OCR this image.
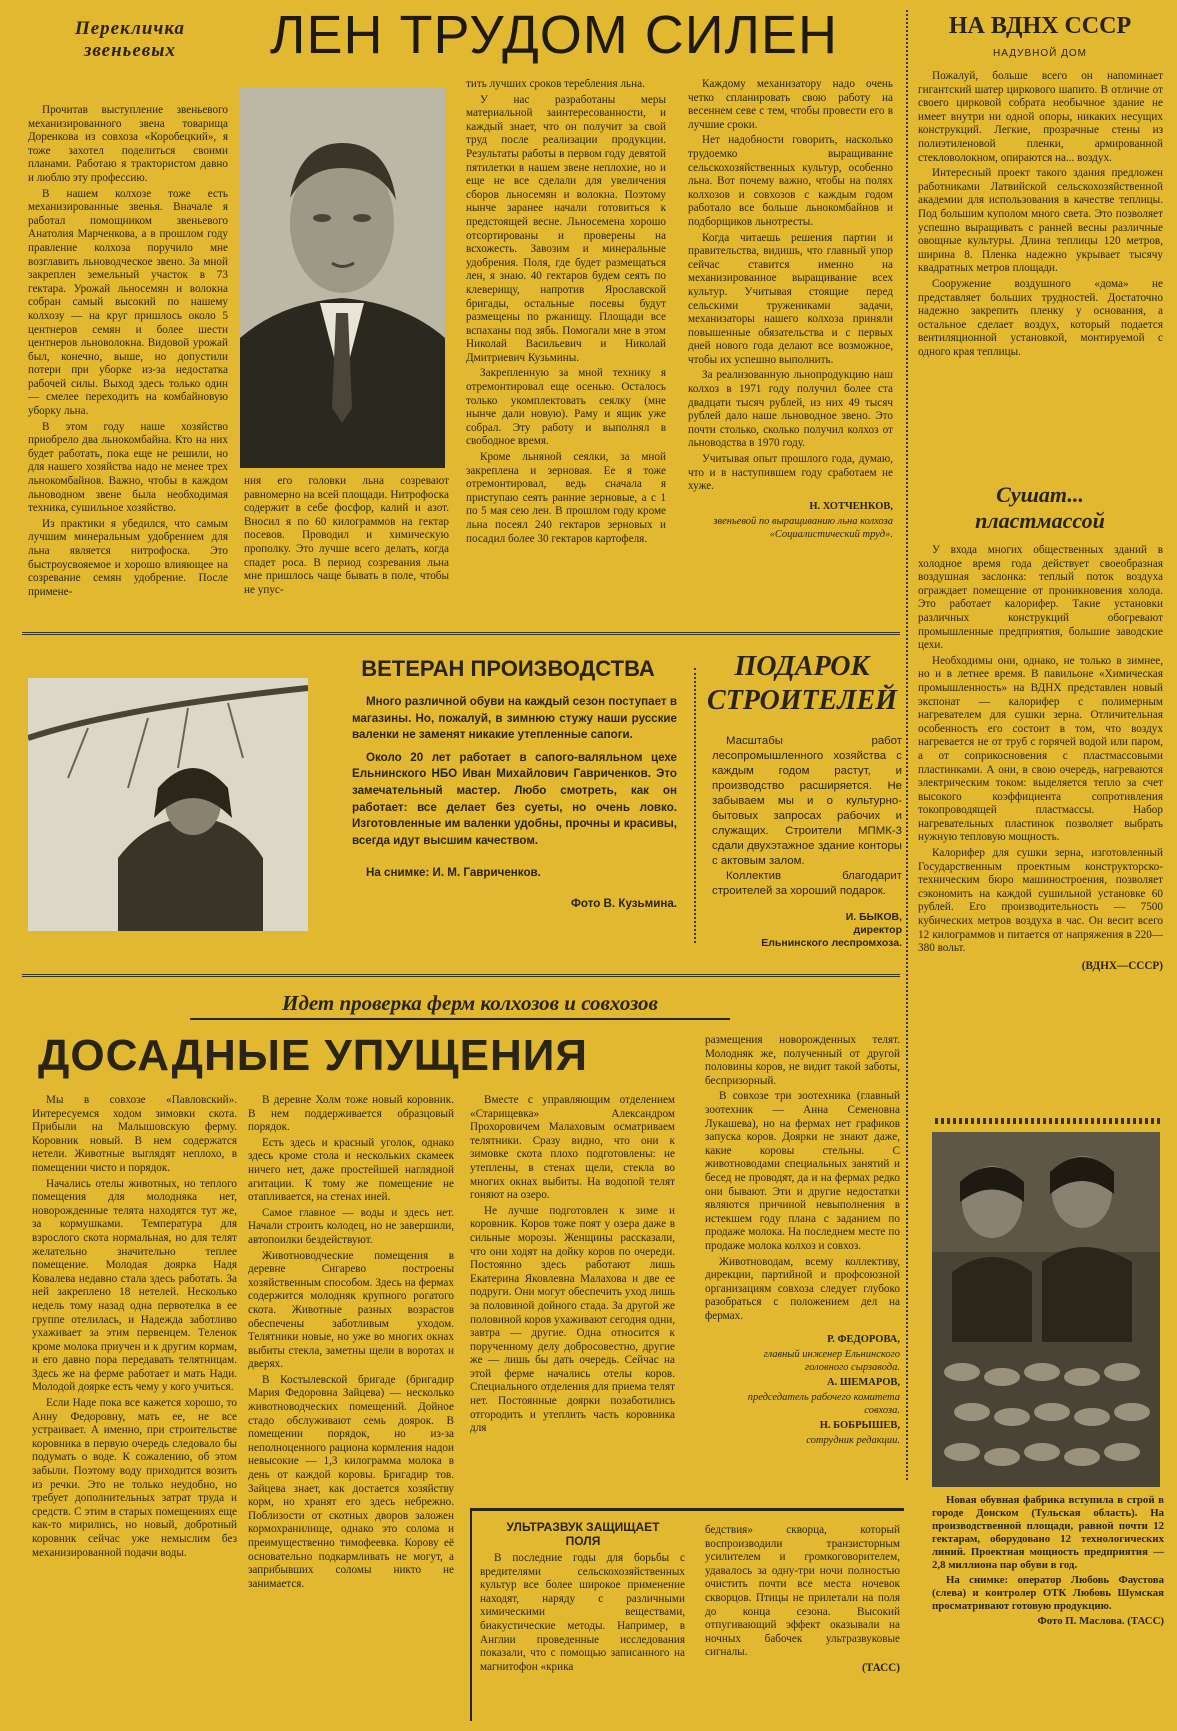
Перекличка звеньевых

Прочитав выступление звеньевого механизированного звена товарища Доренкова из совхоза «Коробецкий», я тоже захотел поделиться своими планами. Работаю я трактористом давно и люблю эту профессию.

В нашем колхозе тоже есть механизированные звенья. Вначале я работал помощником звеньевого Анатолия Марченкова, а в прошлом году правление колхоза поручило мне возглавить льноводческое звено. За мной закреплен земельный участок в 73 гектара. Урожай льносемян и волокна собран самый высокий по нашему колхозу — на круг пришлось около 5 центнеров семян и более шести центнеров льноволокна. Видовой урожай был, конечно, выше, но допустили потери при уборке из-за недостатка рабочей силы. Выход здесь только один — смелее переходить на комбайновую уборку льна.

В этом году наше хозяйство приобрело два льнокомбайна. Кто на них будет работать, пока еще не решили, но для нашего хозяйства надо не менее трех льнокомбайнов. Важно, чтобы в каждом льноводном звене была необходимая техника, сушильное хозяйство.

Из практики я убедился, что самым лучшим минеральным удобрением для льна является нитрофоска. Это быстроусвояемое и хорошо влияющее на созревание семян удобрение. После примене-

ЛЕН ТРУДОМ СИЛЕН

ния его головки льна созревают равномерно на всей площади. Нитрофоска содержит в себе фосфор, калий и азот. Вносил я по 60 килограммов на гектар посевов. Проводил и химическую прополку. Это лучше всего делать, когда спадет роса. В период созревания льна мне пришлось чаще бывать в поле, чтобы не упус-

тить лучших сроков теребления льна.

У нас разработаны меры материальной заинтересованности, и каждый знает, что он получит за свой труд после реализации продукции. Результаты работы в первом году девятой пятилетки в нашем звене неплохие, но и еще не все сделали для увеличения сборов льносемян и волокна. Поэтому нынче заранее начали готовиться к предстоящей весне. Льносемена хорошо отсортированы и проверены на всхожесть. Завозим и минеральные удобрения. Поля, где будет размещаться лен, я знаю. 40 гектаров будем сеять по клеверищу, напротив Ярославской бригады, остальные посевы будут размещены по ржанищу. Площади все вспаханы под зябь. Помогали мне в этом Николай Васильевич и Николай Дмитриевич Кузьмины.

Закрепленную за мной технику я отремонтировал еще осенью. Осталось только укомплектовать сеялку (мне нынче дали новую). Раму и ящик уже собрал. Эту работу и выполнял в свободное время.

Кроме льняной сеялки, за мной закреплена и зерновая. Ее я тоже отремонтировал, ведь сначала я приступаю сеять ранние зерновые, а с 1 по 5 мая сею лен. В прошлом году кроме льна посеял 240 гектаров зерновых и посадил более 30 гектаров картофеля.

Каждому механизатору надо очень четко спланировать свою работу на весеннем севе с тем, чтобы провести его в лучшие сроки.

Нет надобности говорить, насколько трудоемко выращивание сельскохозяйственных культур, особенно льна. Вот почему важно, чтобы на полях колхозов и совхозов с каждым годом работало все больше льнокомбайнов и подборщиков льнотресты.

Когда читаешь решения партии и правительства, видишь, что главный упор сейчас ставится именно на механизированное выращивание всех культур. Учитывая стоящие перед сельскими тружениками задачи, механизаторы нашего колхоза приняли повышенные обязательства и с первых дней нового года делают все возможное, чтобы их успешно выполнить.

За реализованную льнопродукцию наш колхоз в 1971 году получил более ста двадцати тысяч рублей, из них 49 тысяч рублей дало наше льноводное звено. Это почти столько, сколько получил колхоз от льноводства в 1970 году.

Учитывая опыт прошлого года, думаю, что и в наступившем году сработаем не хуже.

Н. ХОТЧЕНКОВ,

звеньевой по выращиванию льна колхоза «Социалистический труд».

НА ВДНХ СССР
НАДУВНОЙ ДОМ

Пожалуй, больше всего он напоминает гигантский шатер циркового шапито. В отличие от своего цирковой собрата необычное здание не имеет внутри ни одной опоры, никаких несущих конструкций. Легкие, прозрачные стены из полиэтиленовой пленки, армированной стекловолокном, опираются на... воздух.

Интересный проект такого здания предложен работниками Латвийской сельскохозяйственной академии для использования в качестве теплицы. Под большим куполом много света. Это позволяет успешно выращивать с ранней весны различные овощные культуры. Длина теплицы 120 метров, ширина 8. Пленка надежно укрывает тысячу квадратных метров площади.

Сооружение воздушного «дома» не представляет больших трудностей. Достаточно надежно закрепить пленку у основания, а остальное сделает воздух, который подается вентиляционной установкой, монтируемой с одного края теплицы.

Сушат...
пластмассой

У входа многих общественных зданий в холодное время года действует своеобразная воздушная заслонка: теплый поток воздуха ограждает помещение от проникновения холода. Это работает калорифер. Такие установки различных конструкций обогревают промышленные предприятия, большие заводские цехи.

Необходимы они, однако, не только в зимнее, но и в летнее время. В павильоне «Химическая промышленность» на ВДНХ представлен новый экспонат — калорифер с полимерным нагревателем для сушки зерна. Отличительная особенность его состоит в том, что воздух нагревается не от труб с горячей водой или паром, а от соприкосновения с пластмассовыми пластинками. А они, в свою очередь, нагреваются электрическим током: выделяется тепло за счет высокого коэффициента сопротивления токопроводящей пластмассы. Набор нагревательных пластинок позволяет выбрать нужную тепловую мощность.

Калорифер для сушки зерна, изготовленный Государственным проектным конструкторско-техническим бюро машиностроения, позволяет сэкономить на каждой сушильной установке 60 рублей. Его производительность — 7500 кубических метров воздуха в час. Он весит всего 12 килограммов и питается от напряжения в 220—380 вольт.

(ВДНХ—СССР)

Новая обувная фабрика вступила в строй в городе Донском (Тульская область). На производственной площади, равной почти 12 гектарам, оборудовано 12 технологических линий. Проектная мощность предприятия — 2,8 миллиона пар обуви в год.

На снимке: оператор Любовь Фаустова (слева) и контролер ОТК Любовь Шумская просматривают готовую продукцию.

Фото П. Маслова. (ТАСС)

ВЕТЕРАН ПРОИЗВОДСТВА

Много различной обуви на каждый сезон поступает в магазины. Но, пожалуй, в зимнюю стужу наши русские валенки не заменят никакие утепленные сапоги.

Около 20 лет работает в сапого-валяльном цехе Ельнинского НБО Иван Михайлович Гавриченков. Это замечательный мастер. Любо смотреть, как он работает: все делает без суеты, но очень ловко. Изготовленные им валенки удобны, прочны и красивы, всегда идут высшим качеством.

На снимке: И. М. Гавриченков.

Фото В. Кузьмина.

ПОДАРОК
СТРОИТЕЛЕЙ

Масштабы работ лесопромышленного хозяйства с каждым годом растут, и производство расширяется. Не забываем мы и о культурно-бытовых запросах рабочих и служащих. Строители МПМК-3 сдали двухэтажное здание конторы с актовым залом.

Коллектив благодарит строителей за хороший подарок.

И. БЫКОВ,

директор

Ельнинского леспромхоза.

Идет проверка ферм колхозов и совхозов
ДОСАДНЫЕ УПУЩЕНИЯ

Мы в совхозе «Павловский». Интересуемся ходом зимовки скота. Прибыли на Малышовскую ферму. Коровник новый. В нем содержатся нетели. Животные выглядят неплохо, в помещении чисто и порядок.

Начались отелы животных, но теплого помещения для молодняка нет, новорожденные телята находятся тут же, за кормушками. Температура для взрослого скота нормальная, но для телят желательно значительно теплее помещение. Молодая доярка Надя Ковалева недавно стала здесь работать. За ней закреплено 18 нетелей. Несколько недель тому назад одна первотелка в ее группе отелилась, и Надежда заботливо ухаживает за этим первенцем. Теленок кроме молока приучен и к другим кормам, и его давно пора передавать телятницам. Здесь же на ферме работает и мать Нади. Молодой доярке есть чему у кого учиться.

Если Наде пока все кажется хорошо, то Анну Федоровну, мать ее, не все устраивает. А именно, при строительстве коровника в первую очередь следовало бы подумать о воде. К сожалению, об этом забыли. Поэтому воду приходится возить из речки. Это не только неудобно, но требует дополнительных затрат труда и средств. С этим в старых помещениях еще как-то мирились, но новый, добротный коровник сейчас уже немыслим без механизированной подачи воды.

В деревне Холм тоже новый коровник. В нем поддерживается образцовый порядок.

Есть здесь и красный уголок, однако здесь кроме стола и нескольких скамеек ничего нет, даже простейшей наглядной агитации. К тому же помещение не отапливается, на стенах иней.

Самое главное — воды и здесь нет. Начали строить колодец, но не завершили, автопоилки бездействуют.

Животноводческие помещения в деревне Сигарево построены хозяйственным способом. Здесь на фермах содержится молодняк крупного рогатого скота. Животные разных возрастов обеспечены заботливым уходом. Телятники новые, но уже во многих окнах выбиты стекла, заметны щели в воротах и дверях.

В Костылевской бригаде (бригадир Мария Федоровна Зайцева) — несколько животноводческих помещений. Дойное стадо обслуживают семь доярок. В помещении порядок, но из-за неполноценного рациона кормления надои невысокие — 1,3 килограмма молока в день от каждой коровы. Бригадир тов. Зайцева знает, как достается хозяйству корм, но хранят его здесь небрежно. Поблизости от скотных дворов заложен кормохранилище, однако это солома и преимущественно тимофеевка. Корову её основательно подкармливать не могут, а заприбывших соломы никто не занимается.

Вместе с управляющим отделением «Старищевка» Александром Прохоровичем Малаховым осматриваем телятники. Сразу видно, что они к зимовке скота плохо подготовлены: не утеплены, в стенах щели, стекла во многих окнах выбиты. На водопой телят гоняют на озеро.

Не лучше подготовлен к зиме и коровник. Коров тоже поят у озера даже в сильные морозы. Женщины рассказали, что они ходят на дойку коров по очереди. Постоянно здесь работают лишь Екатерина Яковлевна Малахова и две ее подруги. Они могут обеспечить уход лишь за половиной дойного стада. За другой же половиной коров ухаживают сегодня одни, завтра — другие. Одна относится к порученному делу добросовестно, другие же — лишь бы дать очередь. Сейчас на этой ферме начались отелы коров. Специального отделения для приема телят нет. Постоянные доярки позаботились отгородить и утеплить часть коровника для

размещения новорожденных телят. Молодняк же, полученный от другой половины коров, не видит такой заботы, беспризорный.

В совхозе три зоотехника (главный зоотехник — Анна Семеновна Лукашева), но на фермах нет графиков запуска коров. Доярки не знают даже, какие коровы стельны. С животноводами специальных занятий и бесед не проводят, да и на фермах редко они бывают. Эти и другие недостатки являются причиной невыполнения в истекшем году плана с заданием по продаже молока. На последнем месте по продаже молока колхоз и совхоз.

Животноводам, всему коллективу, дирекции, партийной и профсоюзной организациям совхоза следует глубоко разобраться с положением дел на фермах.

Р. ФЕДОРОВА,

главный инженер Ельнинского головного сырзавода.

А. ШЕМАРОВ,

председатель рабочего комитета совхоза.

Н. БОБРЫШЕВ,

сотрудник редакции.

УЛЬТРАЗВУК ЗАЩИЩАЕТ
ПОЛЯ

В последние годы для борьбы с вредителями сельскохозяйственных культур все более широкое применение находят, наряду с различными химическими веществами, биакустические методы. Например, в Англии проведенные исследования показали, что с помощью записанного на магнитофон «крика

бедствия» скворца, который воспроизводили транзисторным усилителем и громкоговорителем, удавалось за одну-три ночи полностью очистить почти все места ночевок скворцов. Птицы не прилетали на поля до конца сезона. Высокий отпугивающий эффект оказывали на ночных бабочек ультразвуковые сигналы.

(ТАСС)
